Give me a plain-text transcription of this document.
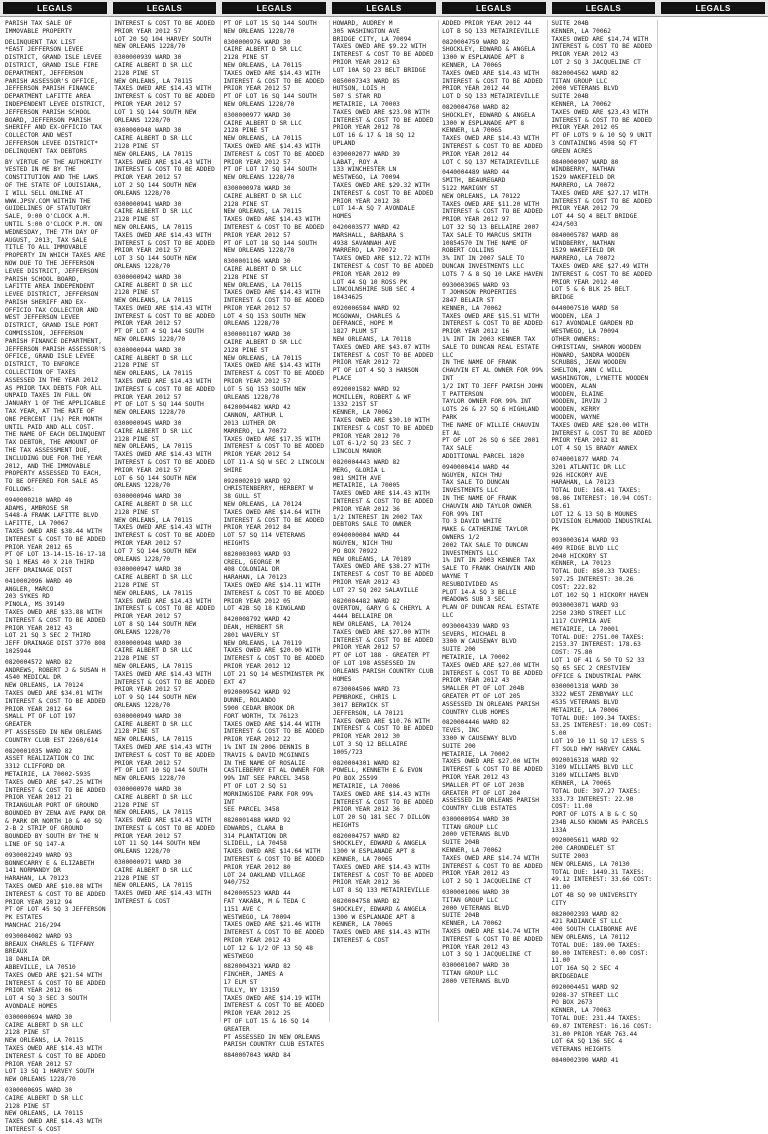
LEGALS	LEGALS	LEGALS	LEGALS	LEGALS	LEGALS	LEGALS
PARISH TAX SALE OF
IMMOVABLE PROPERTY
DELINQUENT TAX LIST
*EAST JEFFERSON LEVEE DISTRICT, GRAND ISLE LEVEE DISTRICT, GRAND ISLE FIRE DEPARTMENT, JEFFERSON PARISH ASSESSOR'S OFFICE, JEFFERSON PARISH FINANCE DEPARTMENT LAFITTE AREA INDEPENDENT LEVEE DISTRICT, JEFFERSON PARISH SCHOOL BOARD, JEFFERSON PARISH SHERIFF AND EX-OFFICIO TAX COLLECTOR AND WEST JEFFERSON LEVEE DISTRICT* DELINQUENT TAX DEBTORS
BY VIRTUE OF THE AUTHORITY VESTED IN ME BY THE CONSTITUTION AND THE LAWS OF THE STATE OF LOUISIANA, I WILL SELL ONLINE AT WWW.JPSV.COM WITHIN THE GUIDELINES OF STATUTORY SALE, 9:00 O'CLOCK A.M. UNTIL 5:00 O'CLOCK P.M. ON WEDNESDAY, THE 7TH DAY OF AUGUST, 2013, TAX SALE TITLE TO ALL IMMOVABLE PROPERTY IN WHICH TAXES ARE NOW DUE TO THE JEFFERSON LEVEE DISTRICT, JEFFERSON PARISH SCHOOL BOARD, LAFITTE AREA INDEPENDENT LEVEE DISTRICT, JEFFERSON PARISH SHERIFF AND EX-OFFICIO TAX COLLECTOR AND WEST JEFFERSON LEVEE DISTRICT, GRAND ISLE PORT COMMISSION, JEFFERSON PARISH FINANCE DEPARTMENT, JEFFERSON PARISH ASSESSOR'S OFFICE, GRAND ISLE LEVEE DISTRICT, TO ENFORCE COLLECTION OF TAXES ASSESSED IN THE YEAR 2012 AS PRIOR TAX DEBTS FOR ALL UNPAID TAXES IN FULL ON JANUARY 1 OF THE APPLICABLE TAX YEAR, AT THE RATE OF ONE PERCENT (1%) PER MONTH UNTIL PAID AND ALL COST. THE NAME OF EACH DELINQUENT TAX DEBTOR, THE AMOUNT OF THE TAX ASSESSMENT DUE, INCLUDING DUE FOR THE YEAR 2012, AND THE IMMOVABLE PROPERTY ASSESSED TO EACH, TO BE OFFERED FOR SALE AS FOLLOWS:
0940000210 WARD 40
ADAMS, AMBROSE SR
5448-A FRANK LAFITTE BLVD
LAFITTE, LA 70067
TAXES OWED ARE $38.44 WITH INTEREST & COST TO BE ADDED PRIOR YEAR 2012 65
PT OF LOT 13-14-15-16-17-18 SQ 1 MEAS 40 X 210 THIRD JEFF DRAINAGE DIST
0410002096 WARD 40
ANGLER, MARCO
203 SYKES RD
PINOLA, MS 39149
TAXES OWED ARE $33.88 WITH INTEREST & COST TO BE ADDED PRIOR YEAR 2012 43
LOT 21 SQ 3 SEC 2 THIRD JEFF DRAINAGE DIST 3770 808 1025944
0820004572 WARD 82
ANDREWS, ROBERT J & SUSAN H
4540 MEDICAL DR
NEW ORLEANS, LA 70124
TAXES OWED ARE $34.01 WITH INTEREST & COST TO BE ADDED PRIOR YEAR 2012 64
SMALL PT OF LOT 197
GREATER
PT ASSESSED IN NEW ORLEANS COUNTRY CLUB EST 2260/614
0820001035 WARD 82
ASSET REALIZATION CO INC
3312 CLIFFORD DR
METAIRIE, LA 70002-5935
TAXES OWED ARE $47.25 WITH INTEREST & COST TO BE ADDED PRIOR YEAR 2012 21
TRIANGULAR PORT OF GROUND BOUNDED BY ZENA AVE PARK DR & PARK DR NORTH 10 & 40 SQ 2-B 2 STRIP OF GROUND BOUNDED BY SOUTH BY THE N LINE OF SQ 147-A
0930002249 WARD 93
BONNECARRY E & ELIZABETH
141 NORMANDY DR
HARAHAN, LA 70123
TAXES OWED ARE $10.08 WITH INTEREST & COST TO BE ADDED PRIOR YEAR 2012 94
PT OF LOT 45 SQ 3 JEFFERSON PK ESTATES
MANCHAC 216/294
0930004082 WARD 93
BREAUX CHARLES & TIFFANY BREAUX
18 DAHLIA DR
ABBEVILLE, LA 70510
TAXES OWED ARE $21.54 WITH INTEREST & COST TO BE ADDED PRIOR YEAR 2012 06
LOT 4 SQ 3 SEC 3 SOUTH AVONDALE HOMES
0300000694 WARD 30
CAIRE ALBERT D SR LLC
2128 PINE ST
NEW ORLEANS, LA 70115
TAXES OWED ARE $14.43 WITH INTEREST & COST TO BE ADDED PRIOR YEAR 2012 57
LOT 13 SQ 1 HARVEY SOUTH NEW ORLEANS 1228/70
0300000695 WARD 30
CAIRE ALBERT D SR LLC
2128 PINE ST
NEW ORLEANS, LA 70115
TAXES OWED ARE $14.43 WITH INTEREST & COST
INTEREST & COST TO BE ADDED PRIOR YEAR 2012 57
LOT 20 SQ 104 HARVEY SOUTH NEW ORLEANS 1228/70
0300000939 WARD 30
CAIRE ALBERT D SR LLC
2128 PINE ST
NEW ORLEANS, LA 70115
TAXES OWED ARE $14.43 WITH INTEREST & COST TO BE ADDED PRIOR YEAR 2012 57
LOT 1 SQ 144 SOUTH NEW ORLEANS 1228/70
0300000940 WARD 30
CAIRE ALBERT D SR LLC
2128 PINE ST
NEW ORLEANS, LA 70115
TAXES OWED ARE $14.43 WITH INTEREST & COST TO BE ADDED PRIOR YEAR 2012 57
LOT 2 SQ 144 SOUTH NEW ORLEANS 1228/70
0300000941 WARD 30
CAIRE ALBERT D SR LLC
2128 PINE ST
NEW ORLEANS, LA 70115
TAXES OWED ARE $14.43 WITH INTEREST & COST TO BE ADDED PRIOR YEAR 2012 57
LOT 3 SQ 144 SOUTH NEW ORLEANS 1228/70
0300000942 WARD 30
CAIRE ALBERT D SR LLC
2128 PINE ST
NEW ORLEANS, LA 70115
TAXES OWED ARE $14.43 WITH INTEREST & COST TO BE ADDED PRIOR YEAR 2012 57
PT OF LOT 4 SQ 144 SOUTH NEW ORLEANS 1228/70
0300000944 WARD 30
CAIRE ALBERT D SR LLC
2128 PINE ST
NEW ORLEANS, LA 70115
TAXES OWED ARE $14.43 WITH INTEREST & COST TO BE ADDED PRIOR YEAR 2012 57
PT OF LOT 5 SQ 144 SOUTH NEW ORLEANS 1228/70
0300000945 WARD 30
CAIRE ALBERT D SR LLC
2128 PINE ST
NEW ORLEANS, LA 70115
TAXES OWED ARE $14.43 WITH INTEREST & COST TO BE ADDED PRIOR YEAR 2012 57
LOT 6 SQ 144 SOUTH NEW ORLEANS 1228/70
0300000946 WARD 30
CAIRE ALBERT D SR LLC
2128 PINE ST
NEW ORLEANS, LA 70115
TAXES OWED ARE $14.43 WITH INTEREST & COST TO BE ADDED PRIOR YEAR 2012 57
LOT 7 SQ 144 SOUTH NEW ORLEANS 1228/70
0300000947 WARD 30
CAIRE ALBERT D SR LLC
2128 PINE ST
NEW ORLEANS, LA 70115
TAXES OWED ARE $14.43 WITH INTEREST & COST TO BE ADDED PRIOR YEAR 2012 57
LOT 8 SQ 144 SOUTH NEW ORLEANS 1228/70
0300000948 WARD 30
CAIRE ALBERT D SR LLC
2128 PINE ST
NEW ORLEANS, LA 70115
TAXES OWED ARE $14.43 WITH INTEREST & COST TO BE ADDED PRIOR YEAR 2012 57
LOT 9 SQ 144 SOUTH NEW ORLEANS 1228/70
0300000949 WARD 30
CAIRE ALBERT D SR LLC
2128 PINE ST
NEW ORLEANS, LA 70115
TAXES OWED ARE $14.43 WITH INTEREST & COST TO BE ADDED PRIOR YEAR 2012 57
PT OF LOT 10 SQ 144 SOUTH NEW ORLEANS 1228/70
0300000970 WARD 30
CAIRE ALBERT D SR LLC
2128 PINE ST
NEW ORLEANS, LA 70115
TAXES OWED ARE $14.43 WITH INTEREST & COST TO BE ADDED PRIOR YEAR 2012 57
LOT 11 SQ 144 SOUTH NEW ORLEANS 1228/70
0300000971 WARD 30
CAIRE ALBERT D SR LLC
2128 PINE ST
NEW ORLEANS, LA 70115
TAXES OWED ARE $14.43 WITH INTEREST & COST
PT OF LOT 15 SQ 144 SOUTH NEW ORLEANS 1228/70
0300000976 WARD 30
CAIRE ALBERT D SR LLC
2128 PINE ST
NEW ORLEANS, LA 70115
TAXES OWED ARE $14.43 WITH INTEREST & COST TO BE ADDED PRIOR YEAR 2012 57
PT OF LOT 16 SQ 144 SOUTH NEW ORLEANS 1228/70
0300000977 WARD 30
CAIRE ALBERT D SR LLC
2128 PINE ST
NEW ORLEANS, LA 70115
TAXES OWED ARE $14.43 WITH INTEREST & COST TO BE ADDED PRIOR YEAR 2012 57
PT OF LOT 17 SQ 144 SOUTH NEW ORLEANS 1228/70
0300000978 WARD 30
CAIRE ALBERT D SR LLC
2128 PINE ST
NEW ORLEANS, LA 70115
TAXES OWED ARE $14.43 WITH INTEREST & COST TO BE ADDED PRIOR YEAR 2012 57
PT OF LOT 18 SQ 144 SOUTH NEW ORLEANS 1228/70
0300001106 WARD 30
CAIRE ALBERT D SR LLC
2128 PINE ST
NEW ORLEANS, LA 70115
TAXES OWED ARE $14.43 WITH INTEREST & COST TO BE ADDED PRIOR YEAR 2012 57
LOT 4 SQ 153 SOUTH NEW ORLEANS 1228/70
0300001107 WARD 30
CAIRE ALBERT D SR LLC
2128 PINE ST
NEW ORLEANS, LA 70115
TAXES OWED ARE $14.43 WITH INTEREST & COST TO BE ADDED PRIOR YEAR 2012 57
LOT 5 SQ 153 SOUTH NEW ORLEANS 1228/70
0420004482 WARD 42
CANNON, ARTHUR L
2013 LUTHER DR
MARRERO, LA 70072
TAXES OWED ARE $17.35 WITH INTEREST & COST TO BE ADDED PRIOR YEAR 2012 54
LOT 11-A SQ W SEC 2 LINCOLN SHIRE
0920002019 WARD 92
CHRISTENBERRY, HERBERT W
38 GULL ST
NEW ORLEANS, LA 70124
TAXES OWED ARE $14.64 WITH INTEREST & COST TO BE ADDED PRIOR YEAR 2012 84
LOT 57 SQ 114 VETERANS HEIGHTS
0820003003 WARD 93
CREEL, GEORGE M
408 COLONIAL DR
HARAHAN, LA 70123
TAXES OWED ARE $14.11 WITH INTEREST & COST TO BE ADDED PRIOR YEAR 2012 05
LOT 42B SQ 18 KINGLAND
0420008792 WARD 42
DEAN, HERBERT SR
2801 WAVERLY ST
NEW ORLEANS, LA 70119
TAXES OWED ARE $20.00 WITH INTEREST & COST TO BE ADDED PRIOR YEAR 2012 12
LOT 21 SQ 14 WESTMINSTER PK EXT 47
0920009542 WARD 92
DUNNE, ROLANDO
5900 CEDAR BROOK DR
FORT WORTH, TX 76123
TAXES OWED ARE $14.44 WITH INTEREST & COST TO BE ADDED PRIOR YEAR 2012 22
1% INT IN 2006 DENNIS B TRAVIS & DAVID MCGINNIS
IN THE NAME OF ROSALIE CASTLEBERRY ET AL OWNER FOR 99% INT SEE PARCEL 3458
PT OF LOT 2 SQ 51 MORNINGSIDE PARK FOR 99% INT
SEE PARCEL 3458
0820001488 WARD 92
EDWARDS, CLARA B
314 PLANTATION DR
SLIDELL, LA 70458
TAXES OWED ARE $14.64 WITH INTEREST & COST TO BE ADDED PRIOR YEAR 2012 80
LOT 24 OAKLAND VILLAGE 940/752
0420005523 WARD 44
FAT YAKABA, M & TEDA C
1151 AVE C
WESTWEGO, LA 70094
TAXES OWED ARE $21.46 WITH INTEREST & COST TO BE ADDED PRIOR YEAR 2012 43
LOT 12 & 1/2 OF 13 SQ 48 WESTWEGO
0820004321 WARD 82
FINCHER, JAMES A
17 ELM ST
TULLY, NY 13159
TAXES OWED ARE $14.19 WITH INTEREST & COST TO BE ADDED PRIOR YEAR 2012 25
PT OF LOT 15 & 16 SQ 14
GREATER
PT ASSESSED IN NEW ORLEANS PARISH COUNTRY CLUB ESTATES
0840007043 WARD 84
HOWARD, AUDREY M
305 WASHINGTON AVE
BRIDGE CITY, LA 70094
TAXES OWED ARE $9.22 WITH INTEREST & COST TO BE ADDED PRIOR YEAR 2012 63
LOT 10A SQ 23 BELT BRIDGE
0850007343 WARD 85
HUTSON, LOIS H
507 S STAR RD
METAIRIE, LA 70003
TAXES OWED ARE $23.98 WITH INTEREST & COST TO BE ADDED PRIOR YEAR 2012 78
LOT 16 & 17 & 18 SQ 12 UPLAND
0390002077 WARD 39
LABAT, ROY A
133 WINCHESTER LN
WESTWEGO, LA 70094
TAXES OWED ARE $29.32 WITH INTEREST & COST TO BE ADDED PRIOR YEAR 2012 38
LOT 14-A SQ 7 AVONDALE HOMES
0420003577 WARD 42
MARSHALL, BARBARA S
4938 SAVANNAH AVE
MARRERO, LA 70072
TAXES OWED ARE $12.72 WITH INTEREST & COST TO BE ADDED PRIOR YEAR 2012 09
LOT 44 SQ 10 ROSS PK
LINCOLNSHIRE SUB SEC 4 10434625
0920006584 WARD 92
MCGOWAN, CHARLES & DEFRANCE, HOPE M
1827 PLUM ST
NEW ORLEANS, LA 70118
TAXES OWED ARE $43.07 WITH INTEREST & COST TO BE ADDED PRIOR YEAR 2012 72
PT OF LOT 4 SQ 3 HANSON PLACE
0920001582 WARD 92
MCMILLEN, ROBERT & WF
1332 21ST ST
KENNER, LA 70062
TAXES OWED ARE $30.10 WITH INTEREST & COST TO BE ADDED PRIOR YEAR 2012 70
LOT 6-1/2 SQ 23 SEC 7 LINCOLN MANOR
0820004443 WARD 82
MERG, GLORIA L
901 SMITH AVE
METAIRIE, LA 70005
TAXES OWED ARE $14.43 WITH INTEREST & COST TO BE ADDED PRIOR YEAR 2012 36
1/2 INTEREST IN 2002 TAX DEBTORS SALE TO OWNER
0940000004 WARD 44
NGUYEN, NICH THU
PO BOX 70922
NEW ORLEANS, LA 70189
TAXES OWED ARE $38.27 WITH INTEREST & COST TO BE ADDED PRIOR YEAR 2012 43
LOT 27 SQ 202 SALAVILLE
0820004482 WARD 82
OVERTON, GARY G & CHERYL A
4444 BELLAIRE DR
NEW ORLEANS, LA 70124
TAXES OWED ARE $27.00 WITH INTEREST & COST TO BE ADDED PRIOR YEAR 2012 57
PT OF LOT 188 - GREATER PT OF LOT 198 ASSESSED IN ORLEANS PARISH COUNTRY CLUB HOMES
0730004506 WARD 73
PEMBROKE, CHRIS L
3017 BERWICK ST
JEFFERSON, LA 70121
TAXES OWED ARE $10.76 WITH INTEREST & COST TO BE ADDED PRIOR YEAR 2012 30
LOT 3 SQ 12 BELLAIRE 1005/723
0820004301 WARD 82
POWELL, KENNETH E & EVON
PO BOX 25599
METAIRIE, LA 70006
TAXES OWED ARE $14.43 WITH INTEREST & COST TO BE ADDED PRIOR YEAR 2012 36
LOT 20 SQ 181 SEC 7 DILLON HEIGHTS
0820004757 WARD 82
SHOCKLEY, EDWARD & ANGELA
1300 W ESPLANADE APT 8
KENNER, LA 70065
TAXES OWED ARE $14.43 WITH INTEREST & COST TO BE ADDED PRIOR YEAR 2012 36
LOT 8 SQ 133 METAIRIEVILLE
0820004758 WARD 82
SHOCKLEY, EDWARD & ANGELA
1300 W ESPLANADE APT 8
KENNER, LA 70065
TAXES OWED ARE $14.43 WITH INTEREST & COST
ADDED PRIOR YEAR 2012 44
LOT B SQ 133 METAIRIEVILLE
0820004759 WARD 82
SHOCKLEY, EDWARD & ANGELA
1300 W ESPLANADE APT 8
KENNER, LA 70065
TAXES OWED ARE $14.43 WITH INTEREST & COST TO BE ADDED PRIOR YEAR 2012 44
LOT D SQ 133 METAIRIEVILLE
0820004760 WARD 82
SHOCKLEY, EDWARD & ANGELA
1300 W ESPLANADE APT 8
KENNER, LA 70065
TAXES OWED ARE $14.43 WITH INTEREST & COST TO BE ADDED PRIOR YEAR 2012 44
LOT C SQ 137 METAIRIEVILLE
0440004489 WARD 44
SMITH, BEAUREGARD
5122 MARIGNY ST
NEW ORLEANS, LA 70122
TAXES OWED ARE $11.20 WITH INTEREST & COST TO BE ADDED PRIOR YEAR 2012 97
LOT 32 SQ 13 BELLAIRE 2007 TAX SALE TO MARCUS SMITH 10854570 IN THE NAME OF ROBERT COLLINS
3% INT IN 2007 SALE TO DUNCAN INVESTMENTS LLC
LOTS 7 & 8 SQ 10 LAKE HAVEN
0930003965 WARD 93
T JOHNSON PROPERTIES
2847 BELAIR ST
KENNER, LA 70062
TAXES OWED ARE $15.51 WITH INTEREST & COST TO BE ADDED PRIOR YEAR 2012 16
1% INT IN 2003 KENNER TAX SALE TO DUNCAN REAL ESTATE LLC
IN THE NAME OF FRANK CHAUVIN ET AL OWNER FOR 99% INT
1/2 INT TO JEFF PARISH JOHN T PATTERSON
TAYLOR OWNER FOR 99% INT
LOTS 26 & 27 SQ 6 HIGHLAND PARK
THE NAME OF WILLIE CHAUVIN ET AL
PT OF LOT 26 SQ 6 SEE 2001 TAX SALE
ADDITIONAL PARCEL 1820
0940000414 WARD 44
NGUYEN, NICH THU
TAX SALE TO DUNCAN INVESTMENTS LLC
IN THE NAME OF FRANK CHAUVIN AND TAYLOR OWNER FOR 99% INT
TO 3 DAVID WHITE
MAKE & CATHERINE TAYLOR OWNERS 1/2
2002 TAX SALE TO DUNCAN INVESTMENTS LLC
1% INT IN 2003 KENNER TAX SALE TO FRANK CHAUVIN AND WAYNE T
RESUBDIVIDED AS
PLOT 14-A SQ 3 BELLE
MEADOWS SUB 3 SEC
PLAN OF DUNCAN REAL ESTATE LLC
0930004339 WARD 93
SEVERS, MICHAEL B
3300 W CAUSEWAY BLVD
SUITE 200
METAIRIE, LA 70002
TAXES OWED ARE $27.00 WITH INTEREST & COST TO BE ADDED PRIOR YEAR 2012 43
SMALLER PT OF LOT 204B GREATER PT OF LOT 205 ASSESSED IN ORLEANS PARISH COUNTRY CLUB HOMES
0820004446 WARD 82
TEVES, INC
3300 W CAUSEWAY BLVD
SUITE 200
METAIRIE, LA 70002
TAXES OWED ARE $27.00 WITH INTEREST & COST TO BE ADDED PRIOR YEAR 2012 43
SMALLER PT OF LOT 203B GREATER PT OF LOT 204 ASSESSED IN ORLEANS PARISH COUNTRY CLUB ESTATES
0300000954 WARD 30
TITAN GROUP LLC
2000 VETERANS BLVD
SUITE 204B
KENNER, LA 70062
TAXES OWED ARE $14.74 WITH INTEREST & COST TO BE ADDED PRIOR YEAR 2012 43
LOT 2 SQ 1 JACQUELINE CT
0300001006 WARD 30
TITAN GROUP LLC
2000 VETERANS BLVD
SUITE 204B
KENNER, LA 70062
TAXES OWED ARE $14.74 WITH INTEREST & COST TO BE ADDED PRIOR YEAR 2012 43
LOT 3 SQ 1 JACQUELINE CT
0300001007 WARD 30
TITAN GROUP LLC
2000 VETERANS BLVD
SUITE 204B
KENNER, LA 70062
TAXES OWED ARE $14.74 WITH INTEREST & COST TO BE ADDED PRIOR YEAR 2012 43
LOT 2 SQ 3 JACQUELINE CT
0820004562 WARD 82
TITAN GROUP LLC
2000 VETERANS BLVD
SUITE 204B
KENNER, LA 70062
TAXES OWED ARE $23.43 WITH INTEREST & COST TO BE ADDED PRIOR YEAR 2012 05
PT OF LOTS 9 & 10 SQ 9 UNIT 3 CONTAINING 4598 SQ FT GREEN ACRES
0840000907 WARD 80
WINDBERRY, NATHAN
1529 WAKEFIELD DR
MARRERO, LA 70072
TAXES OWED ARE $27.17 WITH INTEREST & COST TO BE ADDED PRIOR YEAR 2012 79
LOT 44 SQ 4 BELT BRIDGE 424/503
0840005787 WARD 80
WINDBERRY, NATHAN
1529 WAKEFIELD DR
MARRERO, LA 70072
TAXES OWED ARE $27.49 WITH INTEREST & COST TO BE ADDED PRIOR YEAR 2012 40
LOT 5 & 6 BLK 25 BELT BRIDGE
0440007510 WARD 50
WOODEN, LEA J
617 AVONDALE GARDEN RD
WESTWEGO, LA 70094
OTHER OWNERS:
CHRISTIAN, SHARON WOODEN
HOWARD, SANDRA WOODEN
SCRUBBS, JEAN WOODEN
SHELTON, ANN C WILL
WASHINGTON, LYNETTE WOODEN
WOODEN, ALAN
WOODEN, ELAINE
WOODEN, IRVIN J
WOODEN, KERRY
WOODEN, WAYNE
TAXES OWED ARE $20.00 WITH INTEREST & COST TO BE ADDED PRIOR YEAR 2012 81
LOT 4 SQ 15 BRADY ANNEX
0740001877 WARD 74
3201 ATLANTIC DR LLC
926 HICKORY AVE
HARAHAN, LA 70123
TOTAL DUE: 168.41 TAXES: 98.86 INTEREST: 10.94 COST: 58.61
LOT 12 & 13 SQ B MOUNES DIVISION ELMWOOD INDUSTRIAL PK
0930003614 WARD 93
409 RIDGE BLVD LLC
2040 HICKORY ST
KENNER, LA 70123
TOTAL DUE: 850.33 TAXES: 597.25 INTEREST: 30.26 COST: 222.82
LOT 102 SQ 1 HICKORY HAVEN
0930003071 WARD 93
2250 23RD STREET LLC
1117 CUYPRIA AVE
METAIRIE, LA 70001
TOTAL DUE: 2751.00 TAXES: 2153.37 INTEREST: 178.63 COST: 75.80
LOT 1 OF 41 & 50 TO 52 33 SQ 65 SEC 2 CRESTVIEW OFFICE & INDUSTRIAL PARK
0300001318 WARD 30
3322 WEST ZENBYWAY LLC
4535 VETERANS BLVD
METAIRIE, LA 70006
TOTAL DUE: 109.34 TAXES: 53.25 INTEREST: 10.09 COST: 5.00
LOT 19 10 11 SQ 17 LESS 5 FT SOLD HWY HARVEY CANAL
0920016318 WARD 92
3109 WILLIAMS BLVD LLC
3109 WILLIAMS BLVD
KENNER, LA 70065
TOTAL DUE: 397.27 TAXES: 333.73 INTEREST: 22.90 COST: 11.00
PORT OF LOTS A B & C SQ 234B ALSO KNOWN AS PARCELS 133A
0920005611 WARD 92
200 CARONDELET ST
SUITE 2003
NEW ORLEANS, LA 70130
TOTAL DUE: 1449.31 TAXES: 49.12 INTEREST: 33.66 COST: 11.00
LOT 4B SQ 90 UNIVERSITY CITY
0820002393 WARD 82
421 RADIANCE ST LLC
400 SOUTH CLAIBORNE AVE
NEW ORLEANS, LA 70112
TOTAL DUE: 189.00 TAXES: 80.00 INTEREST: 0.00 COST: 11.00
LOT 16A SQ 2 SEC 4 BRIDGEDALE
0920004451 WARD 92
9208-37 STREET LLC
PO BOX 2673
KENNER, LA 70063
TOTAL DUE: 231.44 TAXES: 69.07 INTEREST: 16.16 COST: 31.00 PRIOR YEAR 763.44
LOT 6A SQ 136 SEC 4 VETERANS HEIGHTS
0840002390 WARD 41
